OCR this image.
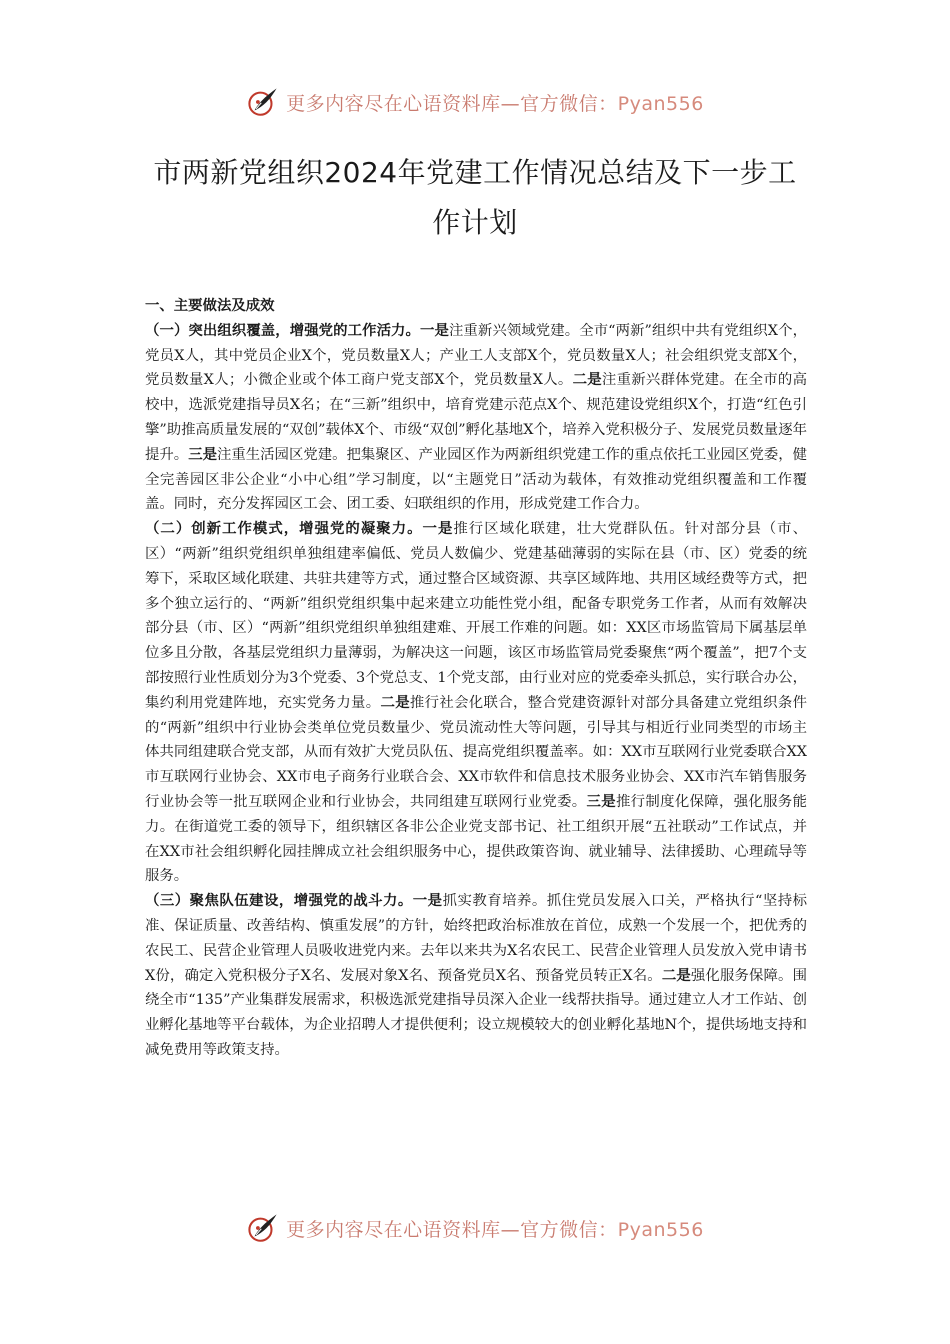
更多内容尽在心语资料库—官方微信：Pyan556
市两新党组织2024年党建工作情况总结及下一步工
作计划

一、主要做法及成效

（一）突出组织覆盖，增强党的工作活力。一是注重新兴领域党建。全市“两新”组织中共有党组织X个，党员X人，其中党员企业X个，党员数量X人；产业工人支部X个，党员数量X人；社会组织党支部X个，党员数量X人；小微企业或个体工商户党支部X个，党员数量X人。二是注重新兴群体党建。在全市的高校中，选派党建指导员X名；在“三新”组织中，培育党建示范点X个、规范建设党组织X个，打造“红色引擎”助推高质量发展的“双创”载体X个、市级“双创”孵化基地X个，培养入党积极分子、发展党员数量逐年提升。三是注重生活园区党建。把集聚区、产业园区作为两新组织党建工作的重点依托工业园区党委，健全完善园区非公企业“小中心组”学习制度，以“主题党日”活动为载体，有效推动党组织覆盖和工作覆盖。同时，充分发挥园区工会、团工委、妇联组织的作用，形成党建工作合力。

（二）创新工作模式，增强党的凝聚力。一是推行区域化联建，壮大党群队伍。针对部分县（市、区）“两新”组织党组织单独组建率偏低、党员人数偏少、党建基础薄弱的实际在县（市、区）党委的统筹下，采取区域化联建、共驻共建等方式，通过整合区域资源、共享区域阵地、共用区域经费等方式，把多个独立运行的、“两新”组织党组织集中起来建立功能性党小组，配备专职党务工作者，从而有效解决部分县（市、区）“两新”组织党组织单独组建难、开展工作难的问题。如：XX区市场监管局下属基层单位多且分散，各基层党组织力量薄弱，为解决这一问题，该区市场监管局党委聚焦“两个覆盖”，把7个支部按照行业性质划分为3个党委、3个党总支、1个党支部，由行业对应的党委牵头抓总，实行联合办公，集约利用党建阵地，充实党务力量。二是推行社会化联合，整合党建资源针对部分具备建立党组织条件的“两新”组织中行业协会类单位党员数量少、党员流动性大等问题，引导其与相近行业同类型的市场主体共同组建联合党支部，从而有效扩大党员队伍、提高党组织覆盖率。如：XX市互联网行业党委联合XX市互联网行业协会、XX市电子商务行业联合会、XX市软件和信息技术服务业协会、XX市汽车销售服务行业协会等一批互联网企业和行业协会，共同组建互联网行业党委。三是推行制度化保障，强化服务能力。在街道党工委的领导下，组织辖区各非公企业党支部书记、社工组织开展“五社联动”工作试点，并在XX市社会组织孵化园挂牌成立社会组织服务中心，提供政策咨询、就业辅导、法律援助、心理疏导等服务。

（三）聚焦队伍建设，增强党的战斗力。一是抓实教育培养。抓住党员发展入口关，严格执行“坚持标准、保证质量、改善结构、慎重发展”的方针，始终把政治标准放在首位，成熟一个发展一个，把优秀的农民工、民营企业管理人员吸收进党内来。去年以来共为X名农民工、民营企业管理人员发放入党申请书X份，确定入党积极分子X名、发展对象X名、预备党员X名、预备党员转正X名。二是强化服务保障。围绕全市“135”产业集群发展需求，积极选派党建指导员深入企业一线帮扶指导。通过建立人才工作站、创业孵化基地等平台载体，为企业招聘人才提供便利；设立规模较大的创业孵化基地N个，提供场地支持和减免费用等政策支持。

更多内容尽在心语资料库—官方微信：Pyan556
